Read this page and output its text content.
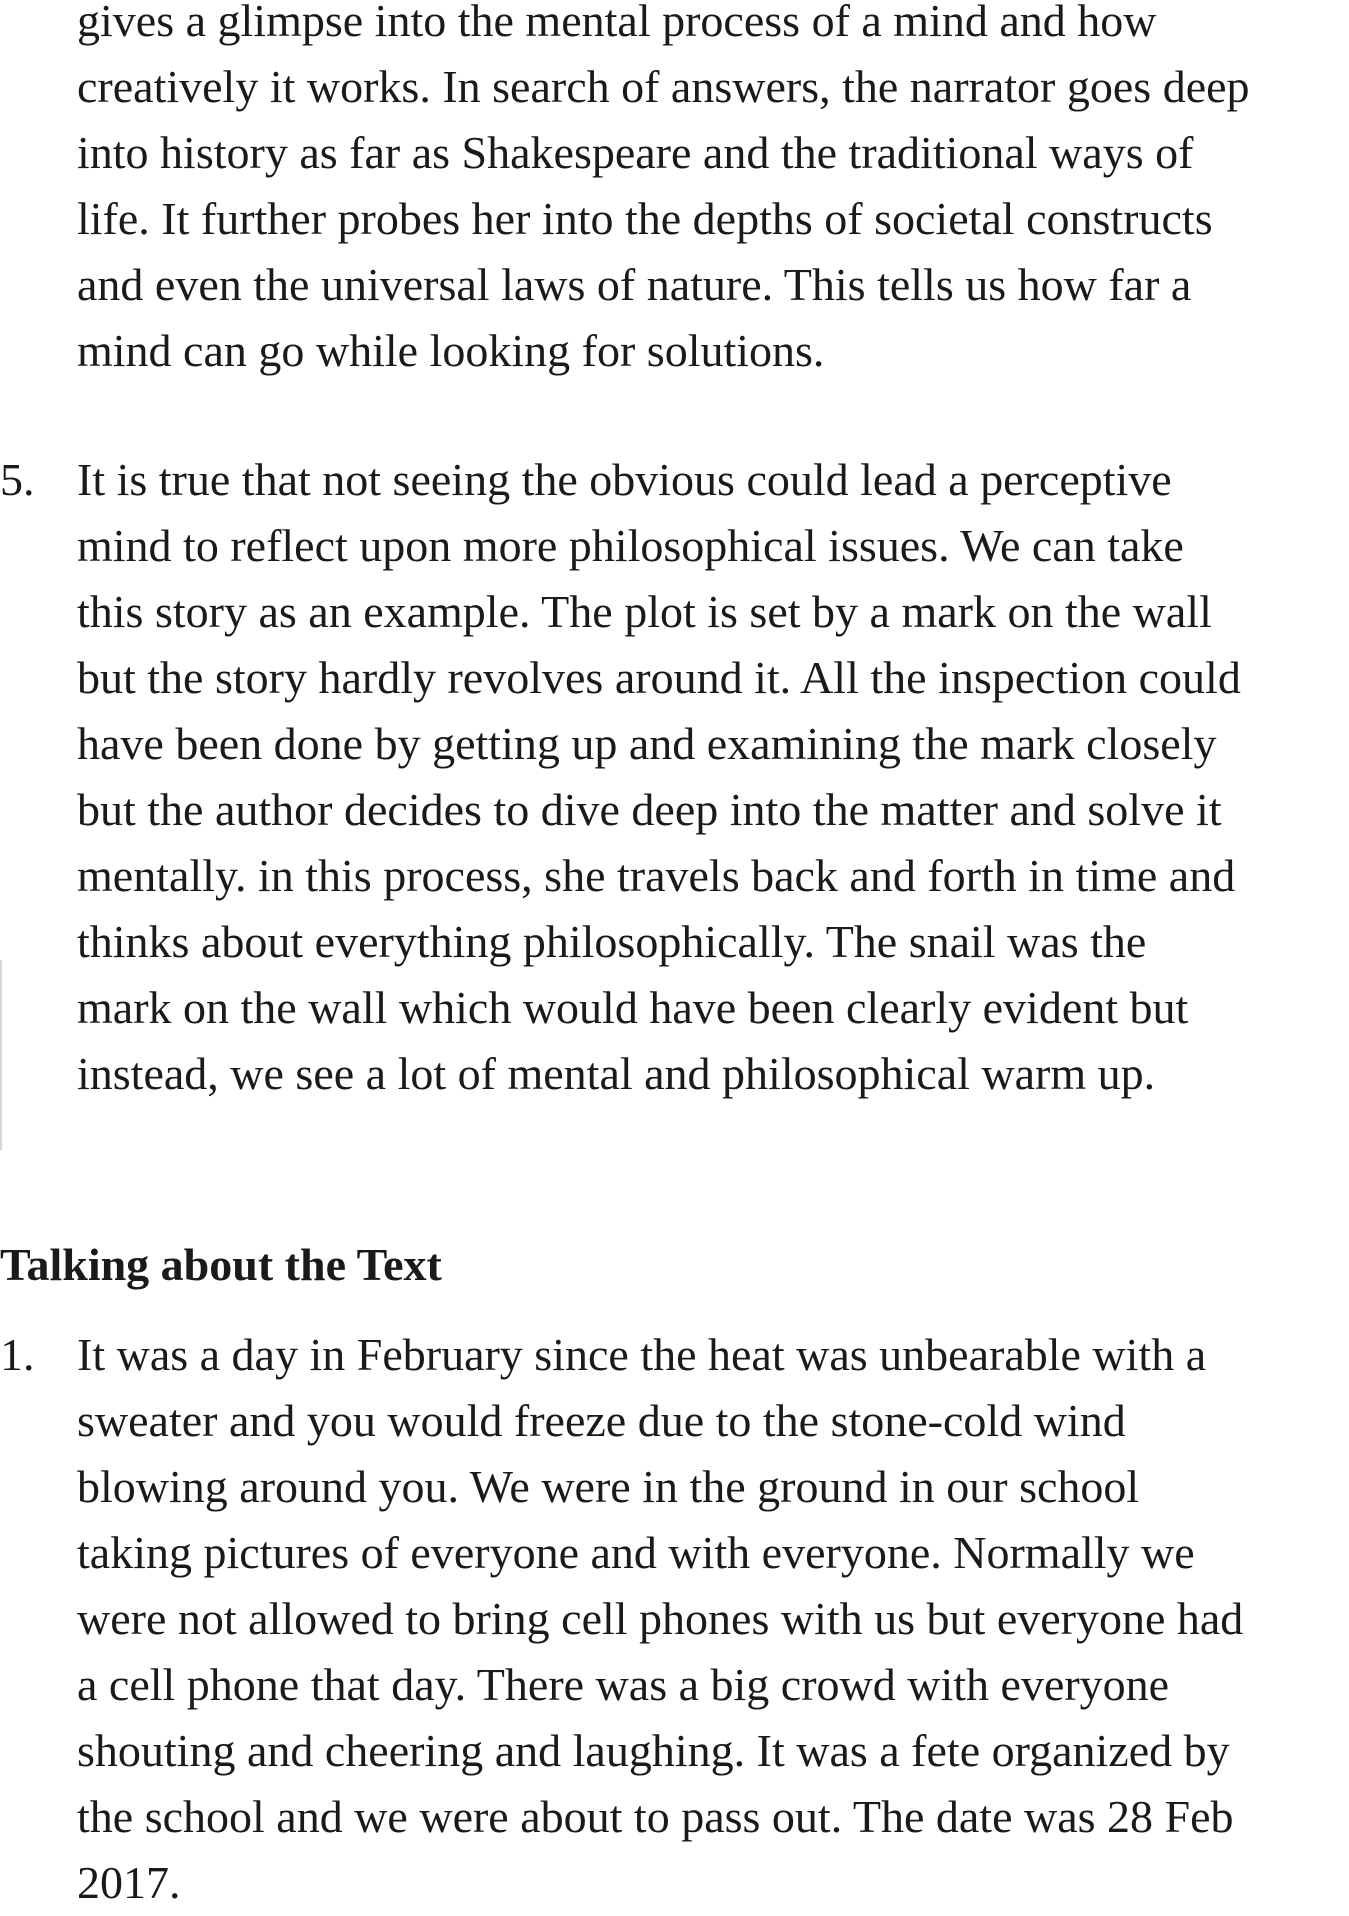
gives a glimpse into the mental process of a mind and how
creatively it works. In search of answers, the narrator goes deep
into history as far as Shakespeare and the traditional ways of
life. It further probes her into the depths of societal constructs
and even the universal laws of nature. This tells us how far a
mind can go while looking for solutions.

5. It is true that not seeing the obvious could lead a perceptive
mind to reflect upon more philosophical issues. We can take
this story as an example. The plot is set by a mark on the wall
but the story hardly revolves around it. All the inspection could
have been done by getting up and examining the mark closely
but the author decides to dive deep into the matter and solve it
mentally. in this process, she travels back and forth in time and
thinks about everything philosophically. The snail was the
mark on the wall which would have been clearly evident but
instead, we see a lot of mental and philosophical warm up.

Talking about the Text
1. It was a day in February since the heat was unbearable with a
sweater and you would freeze due to the stone-cold wind
blowing around you. We were in the ground in our school
taking pictures of everyone and with everyone. Normally we
were not allowed to bring cell phones with us but everyone had
a cell phone that day. There was a big crowd with everyone
shouting and cheering and laughing. It was a fete organized by
the school and we were about to pass out. The date was 28 Feb
2017.
